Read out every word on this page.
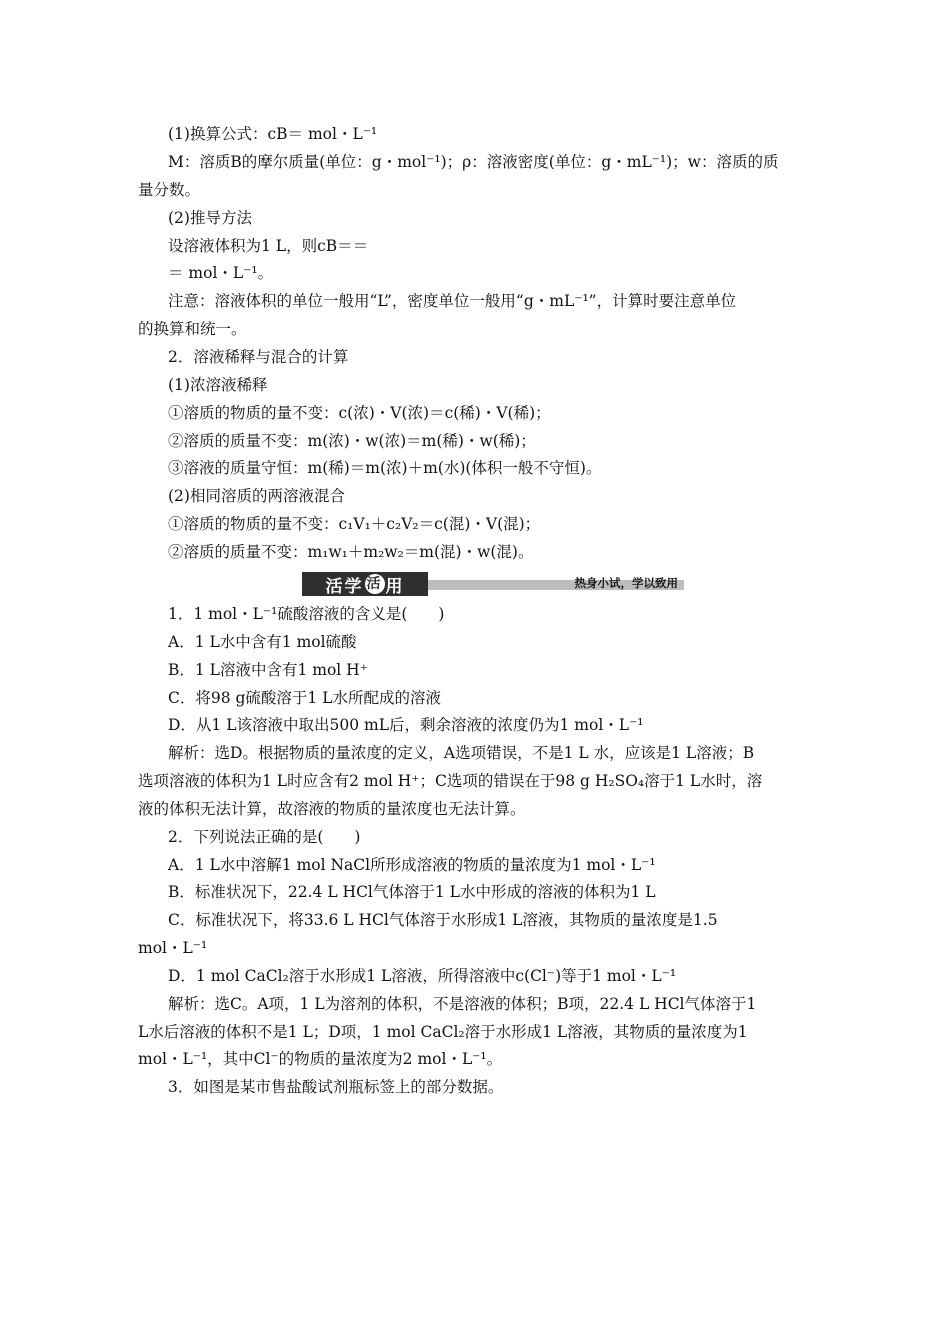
(1)换算公式：cB＝ mol・L⁻¹
M：溶质B的摩尔质量(单位：g・mol⁻¹)；ρ：溶液密度(单位：g・mL⁻¹)；w：溶质的质
量分数。
(2)推导方法
设溶液体积为1 L，则cB＝＝
＝ mol・L⁻¹。
注意：溶液体积的单位一般用“L”，密度单位一般用“g・mL⁻¹”，计算时要注意单位
的换算和统一。
2．溶液稀释与混合的计算
(1)浓溶液稀释
①溶质的物质的量不变：c(浓)・V(浓)＝c(稀)・V(稀)；
②溶质的质量不变：m(浓)・w(浓)＝m(稀)・w(稀)；
③溶液的质量守恒：m(稀)＝m(浓)＋m(水)(体积一般不守恒)。
(2)相同溶质的两溶液混合
①溶质的物质的量不变：c₁V₁＋c₂V₂＝c(混)・V(混)；
②溶质的质量不变：m₁w₁＋m₂w₂＝m(混)・w(混)。
1．1 mol・L⁻¹硫酸溶液的含义是(　　)
A．1 L水中含有1 mol硫酸
B．1 L溶液中含有1 mol H⁺
C．将98 g硫酸溶于1 L水所配成的溶液
D．从1 L该溶液中取出500 mL后，剩余溶液的浓度仍为1 mol・L⁻¹
解析：选D。根据物质的量浓度的定义，A选项错误，不是1 L 水，应该是1 L溶液；B
选项溶液的体积为1 L时应含有2 mol H⁺；C选项的错误在于98 g H₂SO₄溶于1 L水时，溶
液的体积无法计算，故溶液的物质的量浓度也无法计算。
2．下列说法正确的是(　　)
A．1 L水中溶解1 mol NaCl所形成溶液的物质的量浓度为1 mol・L⁻¹
B．标准状况下，22.4 L HCl气体溶于1 L水中形成的溶液的体积为1 L
C．标准状况下，将33.6 L HCl气体溶于水形成1 L溶液，其物质的量浓度是1.5
mol・L⁻¹
D．1 mol CaCl₂溶于水形成1 L溶液，所得溶液中c(Cl⁻)等于1 mol・L⁻¹
解析：选C。A项，1 L为溶剂的体积，不是溶液的体积；B项，22.4 L HCl气体溶于1
L水后溶液的体积不是1 L；D项，1 mol CaCl₂溶于水形成1 L溶液，其物质的量浓度为1
mol・L⁻¹，其中Cl⁻的物质的量浓度为2 mol・L⁻¹。
3．如图是某市售盐酸试剂瓶标签上的部分数据。
活学 活 用	热身小试，学以致用
